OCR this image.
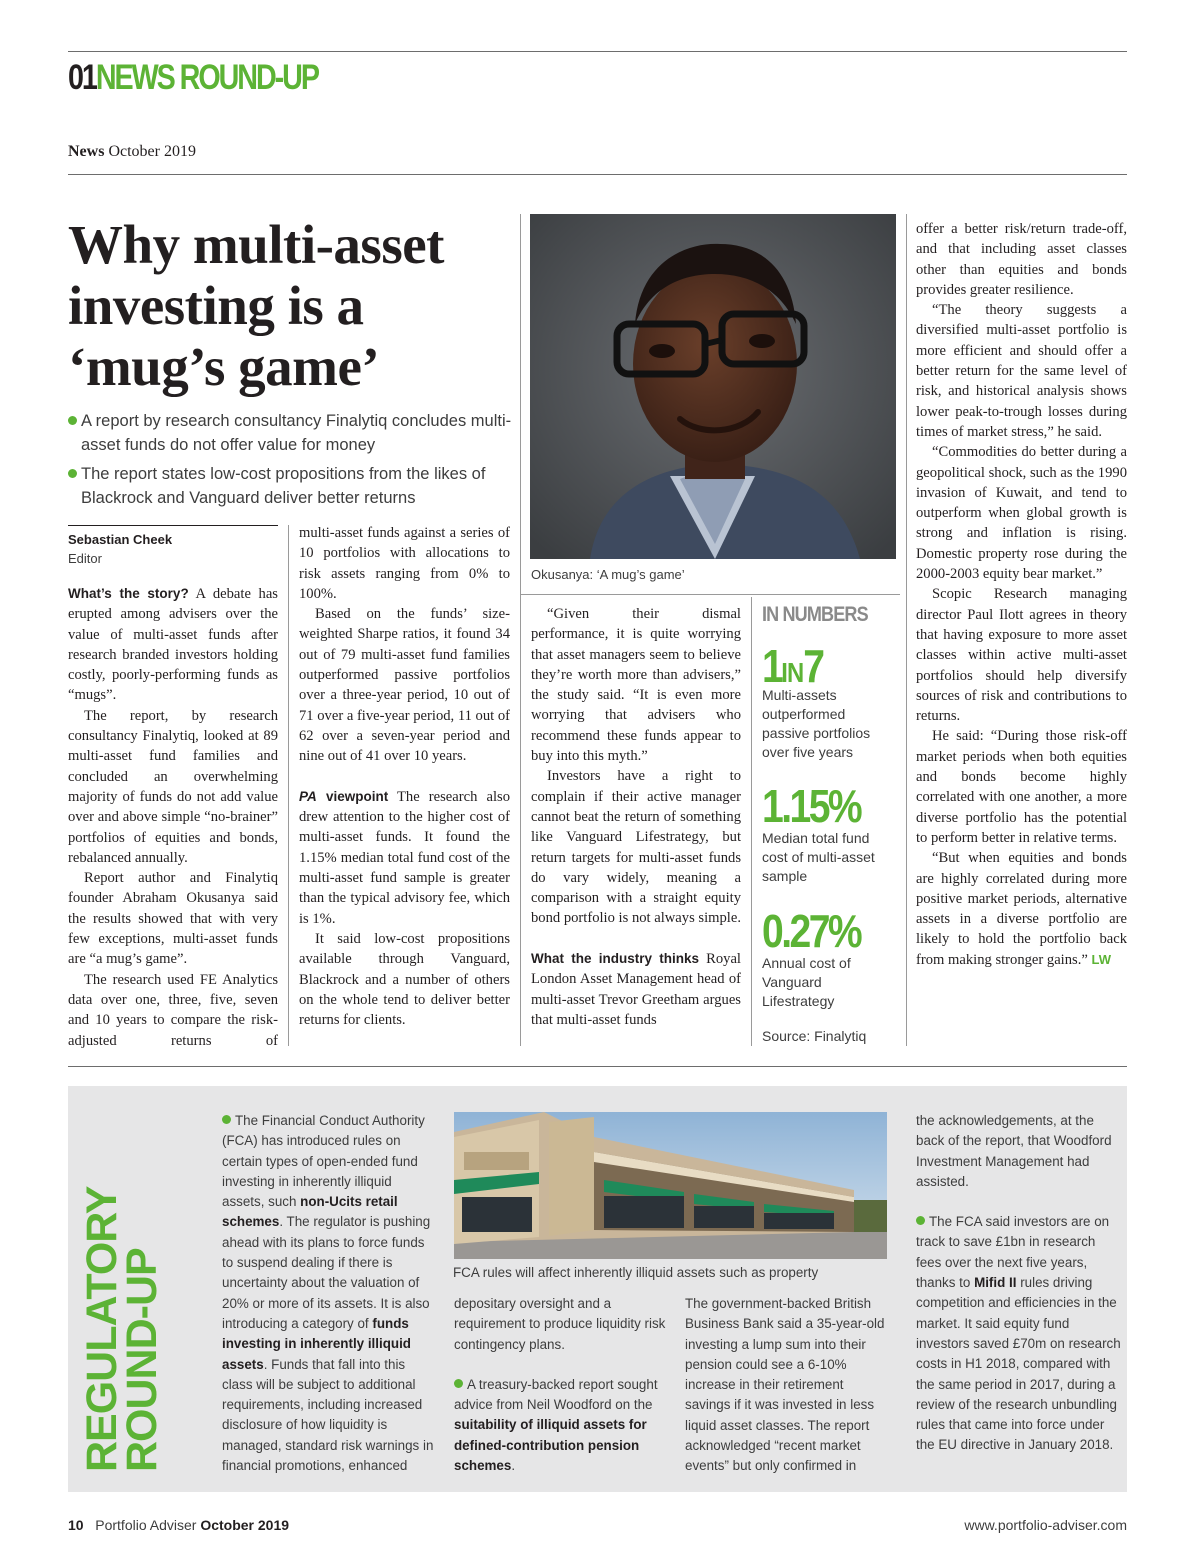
01NEWS ROUND-UP
News October 2019
Why multi-asset investing is a ‘mug’s game’
A report by research consultancy Finalytiq concludes multi-asset funds do not offer value for money
The report states low-cost propositions from the likes of Blackrock and Vanguard deliver better returns
Sebastian Cheek
Editor

What’s the story? A debate has erupted among advisers over the value of multi-asset funds after research branded investors holding costly, poorly-performing funds as “mugs”.

The report, by research consultancy Finalytiq, looked at 89 multi-asset fund families and concluded an overwhelming majority of funds do not add value over and above simple “no-brainer” portfolios of equities and bonds, rebalanced annually.

Report author and Finalytiq founder Abraham Okusanya said the results showed that with very few exceptions, multi-asset funds are “a mug’s game”.

The research used FE Analytics data over one, three, five, seven and 10 years to compare the risk-adjusted returns of

multi-asset funds against a series of 10 portfolios with allocations to risk assets ranging from 0% to 100%.

Based on the funds’ size-weighted Sharpe ratios, it found 34 out of 79 multi-asset fund families outperformed passive portfolios over a three-year period, 10 out of 71 over a five-year period, 11 out of 62 over a seven-year period and nine out of 41 over 10 years.

PA viewpoint The research also drew attention to the higher cost of multi-asset funds. It found the 1.15% median total fund cost of the multi-asset fund sample is greater than the typical advisory fee, which is 1%.

It said low-cost propositions available through Vanguard, Blackrock and a number of others on the whole tend to deliver better returns for clients.

Okusanya: ‘A mug’s game’

“Given their dismal performance, it is quite worrying that asset managers seem to believe they’re worth more than advisers,” the study said. “It is even more worrying that advisers who recommend these funds appear to buy into this myth.”

Investors have a right to complain if their active manager cannot beat the return of something like Vanguard Lifestrategy, but return targets for multi-asset funds do vary widely, meaning a comparison with a straight equity bond portfolio is not always simple.

What the industry thinks Royal London Asset Management head of multi-asset Trevor Greetham argues that multi-asset funds

IN NUMBERS
1IN7
Multi-assets outperformed passive portfolios over five years
1.15%
Median total fund cost of multi-asset sample
0.27%
Annual cost of Vanguard Lifestrategy
Source: Finalytiq

offer a better risk/return trade-off, and that including asset classes other than equities and bonds provides greater resilience.

“The theory suggests a diversified multi-asset portfolio is more efficient and should offer a better return for the same level of risk, and historical analysis shows lower peak-to-trough losses during times of market stress,” he said.

“Commodities do better during a geopolitical shock, such as the 1990 invasion of Kuwait, and tend to outperform when global growth is strong and inflation is rising. Domestic property rose during the 2000-2003 equity bear market.”

Scopic Research managing director Paul Ilott agrees in theory that having exposure to more asset classes within active multi-asset portfolios should help diversify sources of risk and contributions to returns.

He said: “During those risk-off market periods when both equities and bonds become highly correlated with one another, a more diverse portfolio has the potential to perform better in relative terms.

“But when equities and bonds are highly correlated during more positive market periods, alternative assets in a diverse portfolio are likely to hold the portfolio back from making stronger gains.” LW

REGULATORY
ROUND-UP

The Financial Conduct Authority (FCA) has introduced rules on certain types of open-ended fund investing in inherently illiquid assets, such non-Ucits retail schemes. The regulator is pushing ahead with its plans to force funds to suspend dealing if there is uncertainty about the valuation of 20% or more of its assets. It is also introducing a category of funds investing in inherently illiquid assets. Funds that fall into this class will be subject to additional requirements, including increased disclosure of how liquidity is managed, standard risk warnings in financial promotions, enhanced

FCA rules will affect inherently illiquid assets such as property

depositary oversight and a requirement to produce liquidity risk contingency plans.

A treasury-backed report sought advice from Neil Woodford on the suitability of illiquid assets for defined-contribution pension schemes.

The government-backed British Business Bank said a 35-year-old investing a lump sum into their pension could see a 6-10% increase in their retirement savings if it was invested in less liquid asset classes. The report acknowledged “recent market events” but only confirmed in

the acknowledgements, at the back of the report, that Woodford Investment Management had assisted.

The FCA said investors are on track to save £1bn in research fees over the next five years, thanks to Mifid II rules driving competition and efficiencies in the market. It said equity fund investors saved £70m on research costs in H1 2018, compared with the same period in 2017, during a review of the research unbundling rules that came into force under the EU directive in January 2018.

10 Portfolio Adviser October 2019	www.portfolio-adviser.com
